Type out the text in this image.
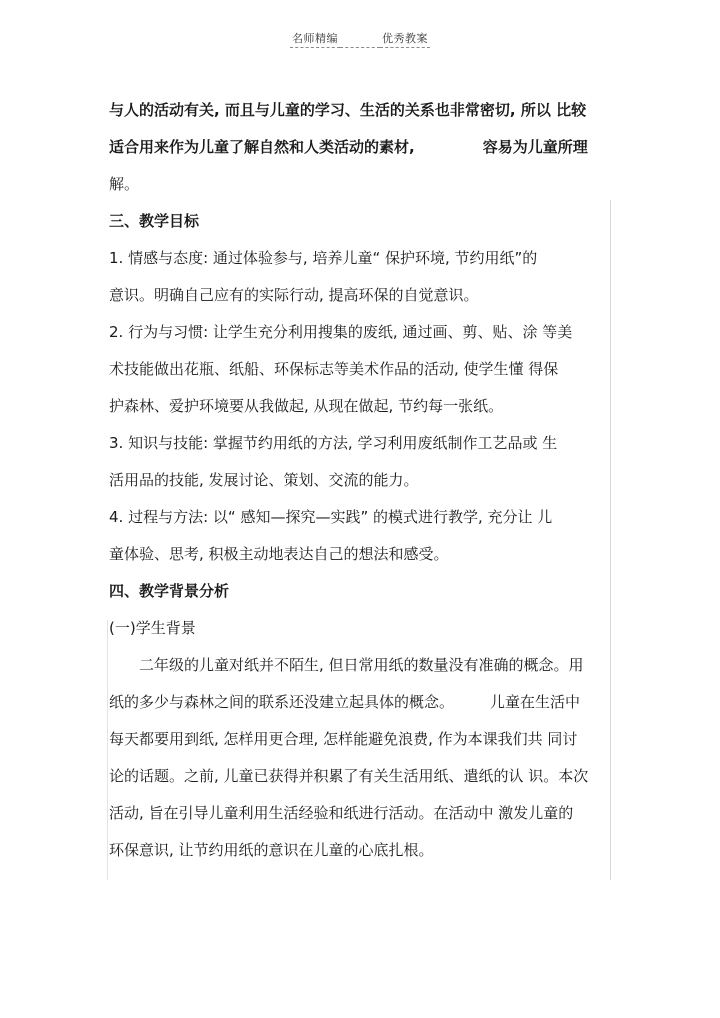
名师精编	优秀教案
与人的活动有关, 而且与儿童的学习、生活的关系也非常密切, 所以 比较
适合用来作为儿童了解自然和人类活动的素材,	容易为儿童所理
解。
三、教学目标
1. 情感与态度: 通过体验参与, 培养儿童“ 保护环境, 节约用纸”的
意识。明确自己应有的实际行动, 提高环保的自觉意识。
2. 行为与习惯: 让学生充分利用搜集的废纸, 通过画、剪、贴、涂 等美
术技能做出花瓶、纸船、环保标志等美术作品的活动, 使学生懂 得保
护森林、爱护环境要从我做起, 从现在做起, 节约每一张纸。
3. 知识与技能: 掌握节约用纸的方法, 学习利用废纸制作工艺品或 生
活用品的技能, 发展讨论、策划、交流的能力。
4. 过程与方法: 以“ 感知—探究—实践” 的模式进行教学, 充分让 儿
童体验、思考, 积极主动地表达自己的想法和感受。
四、教学背景分析
(一)学生背景
二年级的儿童对纸并不陌生, 但日常用纸的数量没有准确的概念。用
纸的多少与森林之间的联系还没建立起具体的概念。 儿童在生活中
每天都要用到纸, 怎样用更合理, 怎样能避免浪费, 作为本课我们共 同讨
论的话题。之前, 儿童已获得并积累了有关生活用纸、遣纸的认 识。本次
活动, 旨在引导儿童利用生活经验和纸进行活动。在活动中 激发儿童的
环保意识, 让节约用纸的意识在儿童的心底扎根。
